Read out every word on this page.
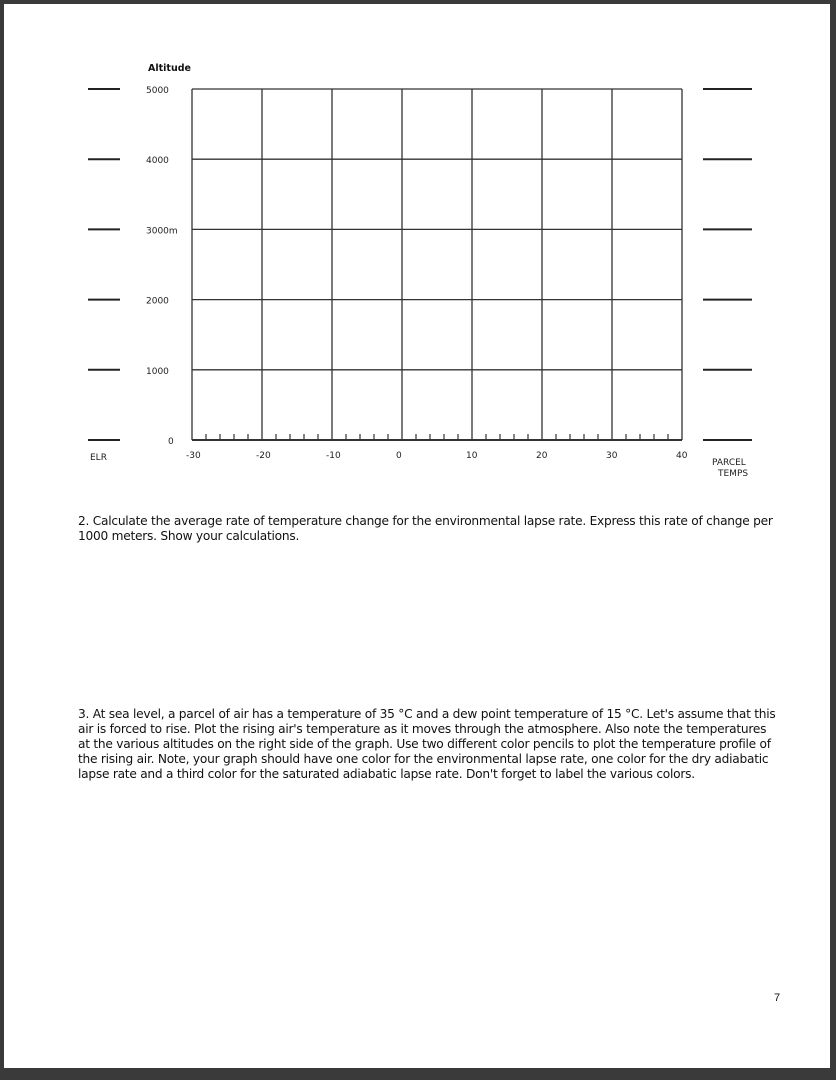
Altitude
0
1000
2000
3000m
4000
5000
-30	-20	-10	0	10	20	30	40
ELR	PARCEL
TEMPS

2. Calculate the average rate of temperature change for the environmental lapse rate. Express this rate of change per 1000 meters. Show your calculations.

3. At sea level, a parcel of air has a temperature of 35 °C and a dew point temperature of 15 °C. Let's assume that this air is forced to rise. Plot the rising air's temperature as it moves through the atmosphere. Also note the temperatures at the various altitudes on the right side of the graph. Use two different color pencils to plot the temperature profile of the rising air. Note, your graph should have one color for the environmental lapse rate, one color for the dry adiabatic lapse rate and a third color for the saturated adiabatic lapse rate. Don't forget to label the various colors.

7
